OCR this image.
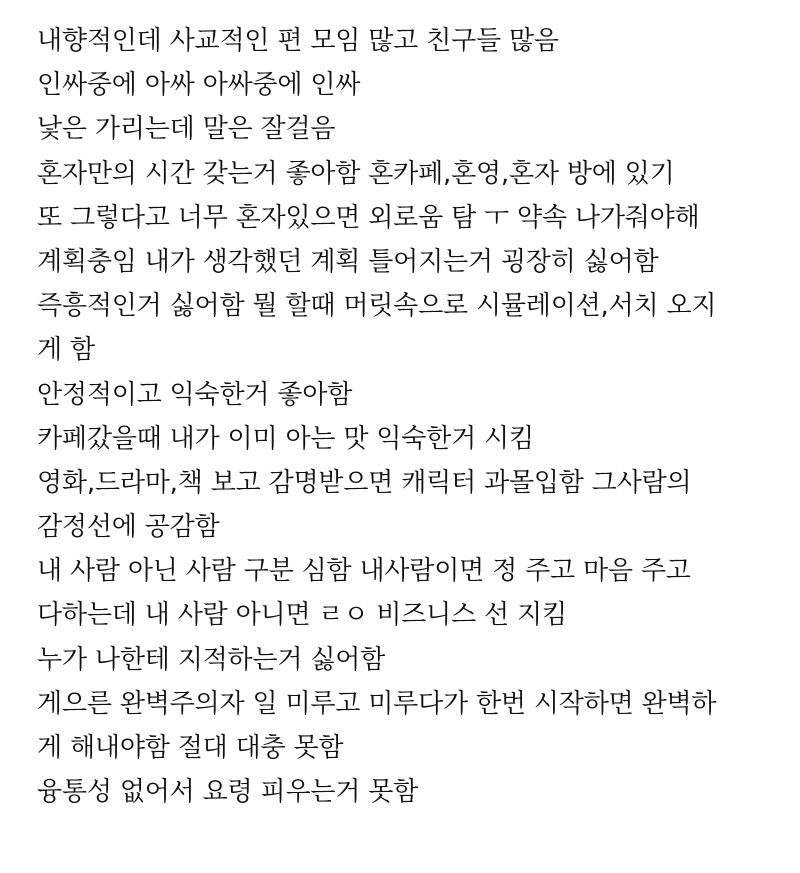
내향적인데 사교적인 편 모임 많고 친구들 많음
인싸중에 아싸 아싸중에 인싸
낯은 가리는데 말은 잘걸음
혼자만의 시간 갖는거 좋아함 혼카페,혼영,혼자 방에 있기
또 그렇다고 너무 혼자있으면 외로움 탐 ㅜ 약속 나가줘야해
계획충임 내가 생각했던 계획 틀어지는거 굉장히 싫어함
즉흥적인거 싫어함 뭘 할때 머릿속으로 시뮬레이션,서치 오지
게 함
안정적이고 익숙한거 좋아함
카페갔을때 내가 이미 아는 맛 익숙한거 시킴
영화,드라마,책 보고 감명받으면 캐릭터 과몰입함 그사람의
감정선에 공감함
내 사람 아닌 사람 구분 심함 내사람이면 정 주고 마음 주고
다하는데 내 사람 아니면 ㄹㅇ 비즈니스 선 지킴
누가 나한테 지적하는거 싫어함
게으른 완벽주의자 일 미루고 미루다가 한번 시작하면 완벽하
게 해내야함 절대 대충 못함
융통성 없어서 요령 피우는거 못함
